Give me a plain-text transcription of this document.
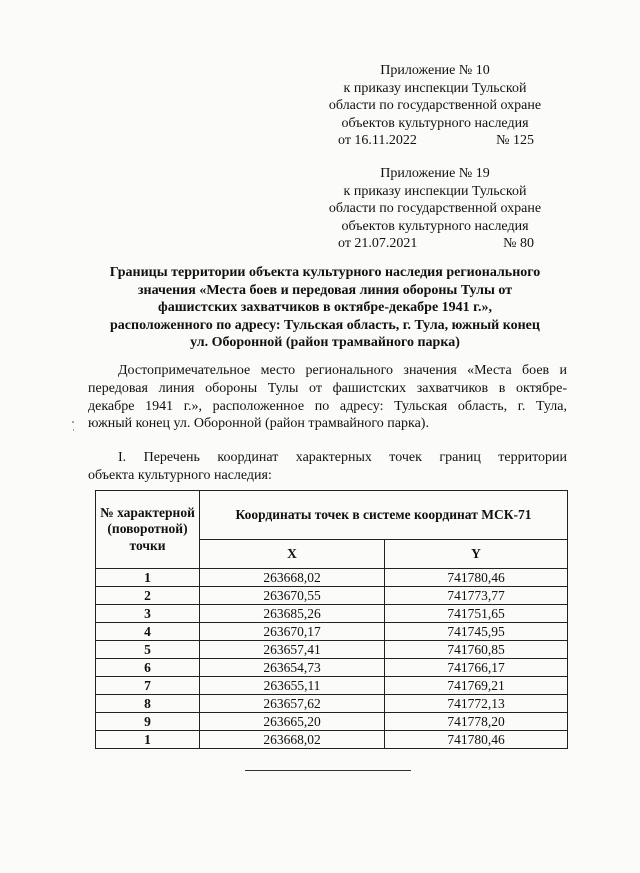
Приложение № 10
к приказу инспекции Тульской
области по государственной охране
объектов культурного наследия
от 16.11.2022	№ 125
Приложение № 19
к приказу инспекции Тульской
области по государственной охране
объектов культурного наследия
от 21.07.2021	№ 80
Границы территории объекта культурного наследия регионального
значения «Места боев и передовая линия обороны Тулы от
фашистских захватчиков в октябре-декабре 1941 г.»,
расположенного по адресу: Тульская область, г. Тула, южный конец
ул. Оборонной (район трамвайного парка)
Достопримечательное место регионального значения «Места боев и
передовая линия обороны Тулы от фашистских захватчиков в октябре-
декабре 1941 г.», расположенное по адресу: Тульская область, г. Тула,
южный конец ул. Оборонной (район трамвайного парка).
I. Перечень координат характерных точек границ территории
объекта культурного наследия:
№ характерной (поворотной) точки	Координаты точек в системе координат МСК-71	
	X	Y
1	263668,02	741780,46
2	263670,55	741773,77
3	263685,26	741751,65
4	263670,17	741745,95
5	263657,41	741760,85
6	263654,73	741766,17
7	263655,11	741769,21
8	263657,62	741772,13
9	263665,20	741778,20
1	263668,02	741780,46
